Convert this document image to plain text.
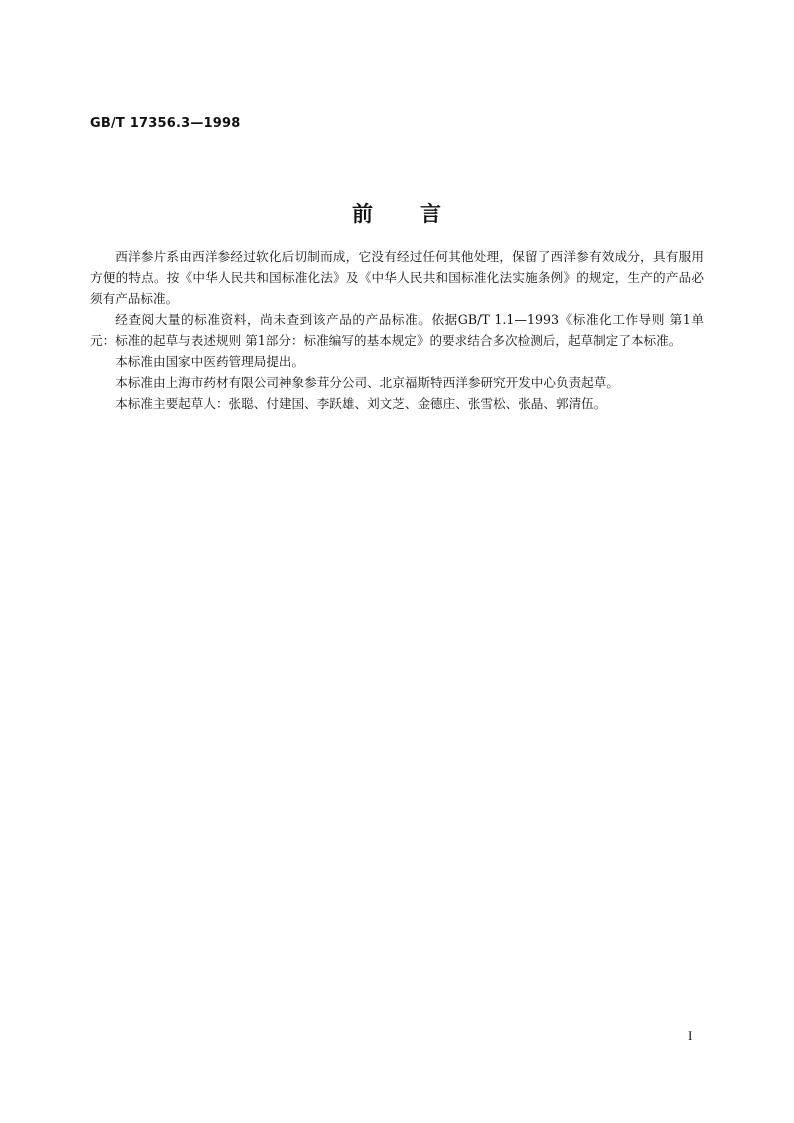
GB/T 17356.3—1998
前 言

西洋参片系由西洋参经过软化后切制而成，它没有经过任何其他处理，保留了西洋参有效成分，具有服用方便的特点。按《中华人民共和国标准化法》及《中华人民共和国标准化法实施条例》的规定，生产的产品必须有产品标准。

经查阅大量的标准资料，尚未查到该产品的产品标准。依据GB/T 1.1—1993《标准化工作导则 第1单元：标准的起草与表述规则 第1部分：标准编写的基本规定》的要求结合多次检测后，起草制定了本标准。

本标准由国家中医药管理局提出。

本标准由上海市药材有限公司神象参茸分公司、北京福斯特西洋参研究开发中心负责起草。

本标准主要起草人：张聪、付建国、李跃雄、刘文芝、金德庄、张雪松、张晶、郭清伍。

I
